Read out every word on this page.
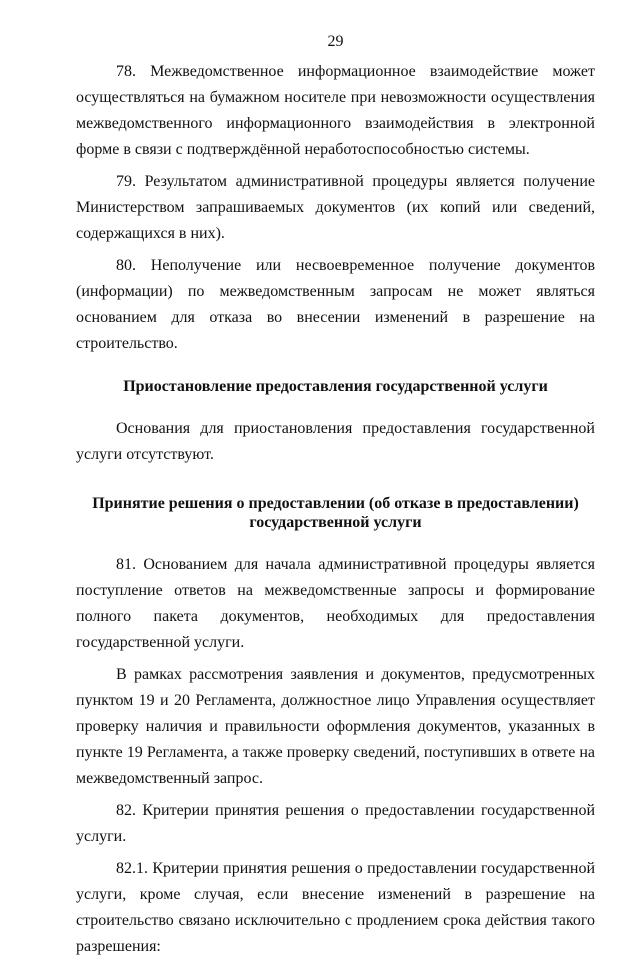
29

78. Межведомственное информационное взаимодействие может осуществляться на бумажном носителе при невозможности осуществления межведомственного информационного взаимодействия в электронной форме в связи с подтверждённой неработоспособностью системы.

79. Результатом административной процедуры является получение Министерством запрашиваемых документов (их копий или сведений, содержащихся в них).

80. Неполучение или несвоевременное получение документов (информации) по межведомственным запросам не может являться основанием для отказа во внесении изменений в разрешение на строительство.

Приостановление предоставления государственной услуги

Основания для приостановления предоставления государственной услуги отсутствуют.

Принятие решения о предоставлении (об отказе в предоставлении)
государственной услуги

81. Основанием для начала административной процедуры является поступление ответов на межведомственные запросы и формирование полного пакета документов, необходимых для предоставления государственной услуги.

В рамках рассмотрения заявления и документов, предусмотренных пунктом 19 и 20 Регламента, должностное лицо Управления осуществляет проверку наличия и правильности оформления документов, указанных в пункте 19 Регламента, а также проверку сведений, поступивших в ответе на межведомственный запрос.

82. Критерии принятия решения о предоставлении государственной услуги.

82.1. Критерии принятия решения о предоставлении государственной услуги, кроме случая, если внесение изменений в разрешение на строительство связано исключительно с продлением срока действия такого разрешения:
